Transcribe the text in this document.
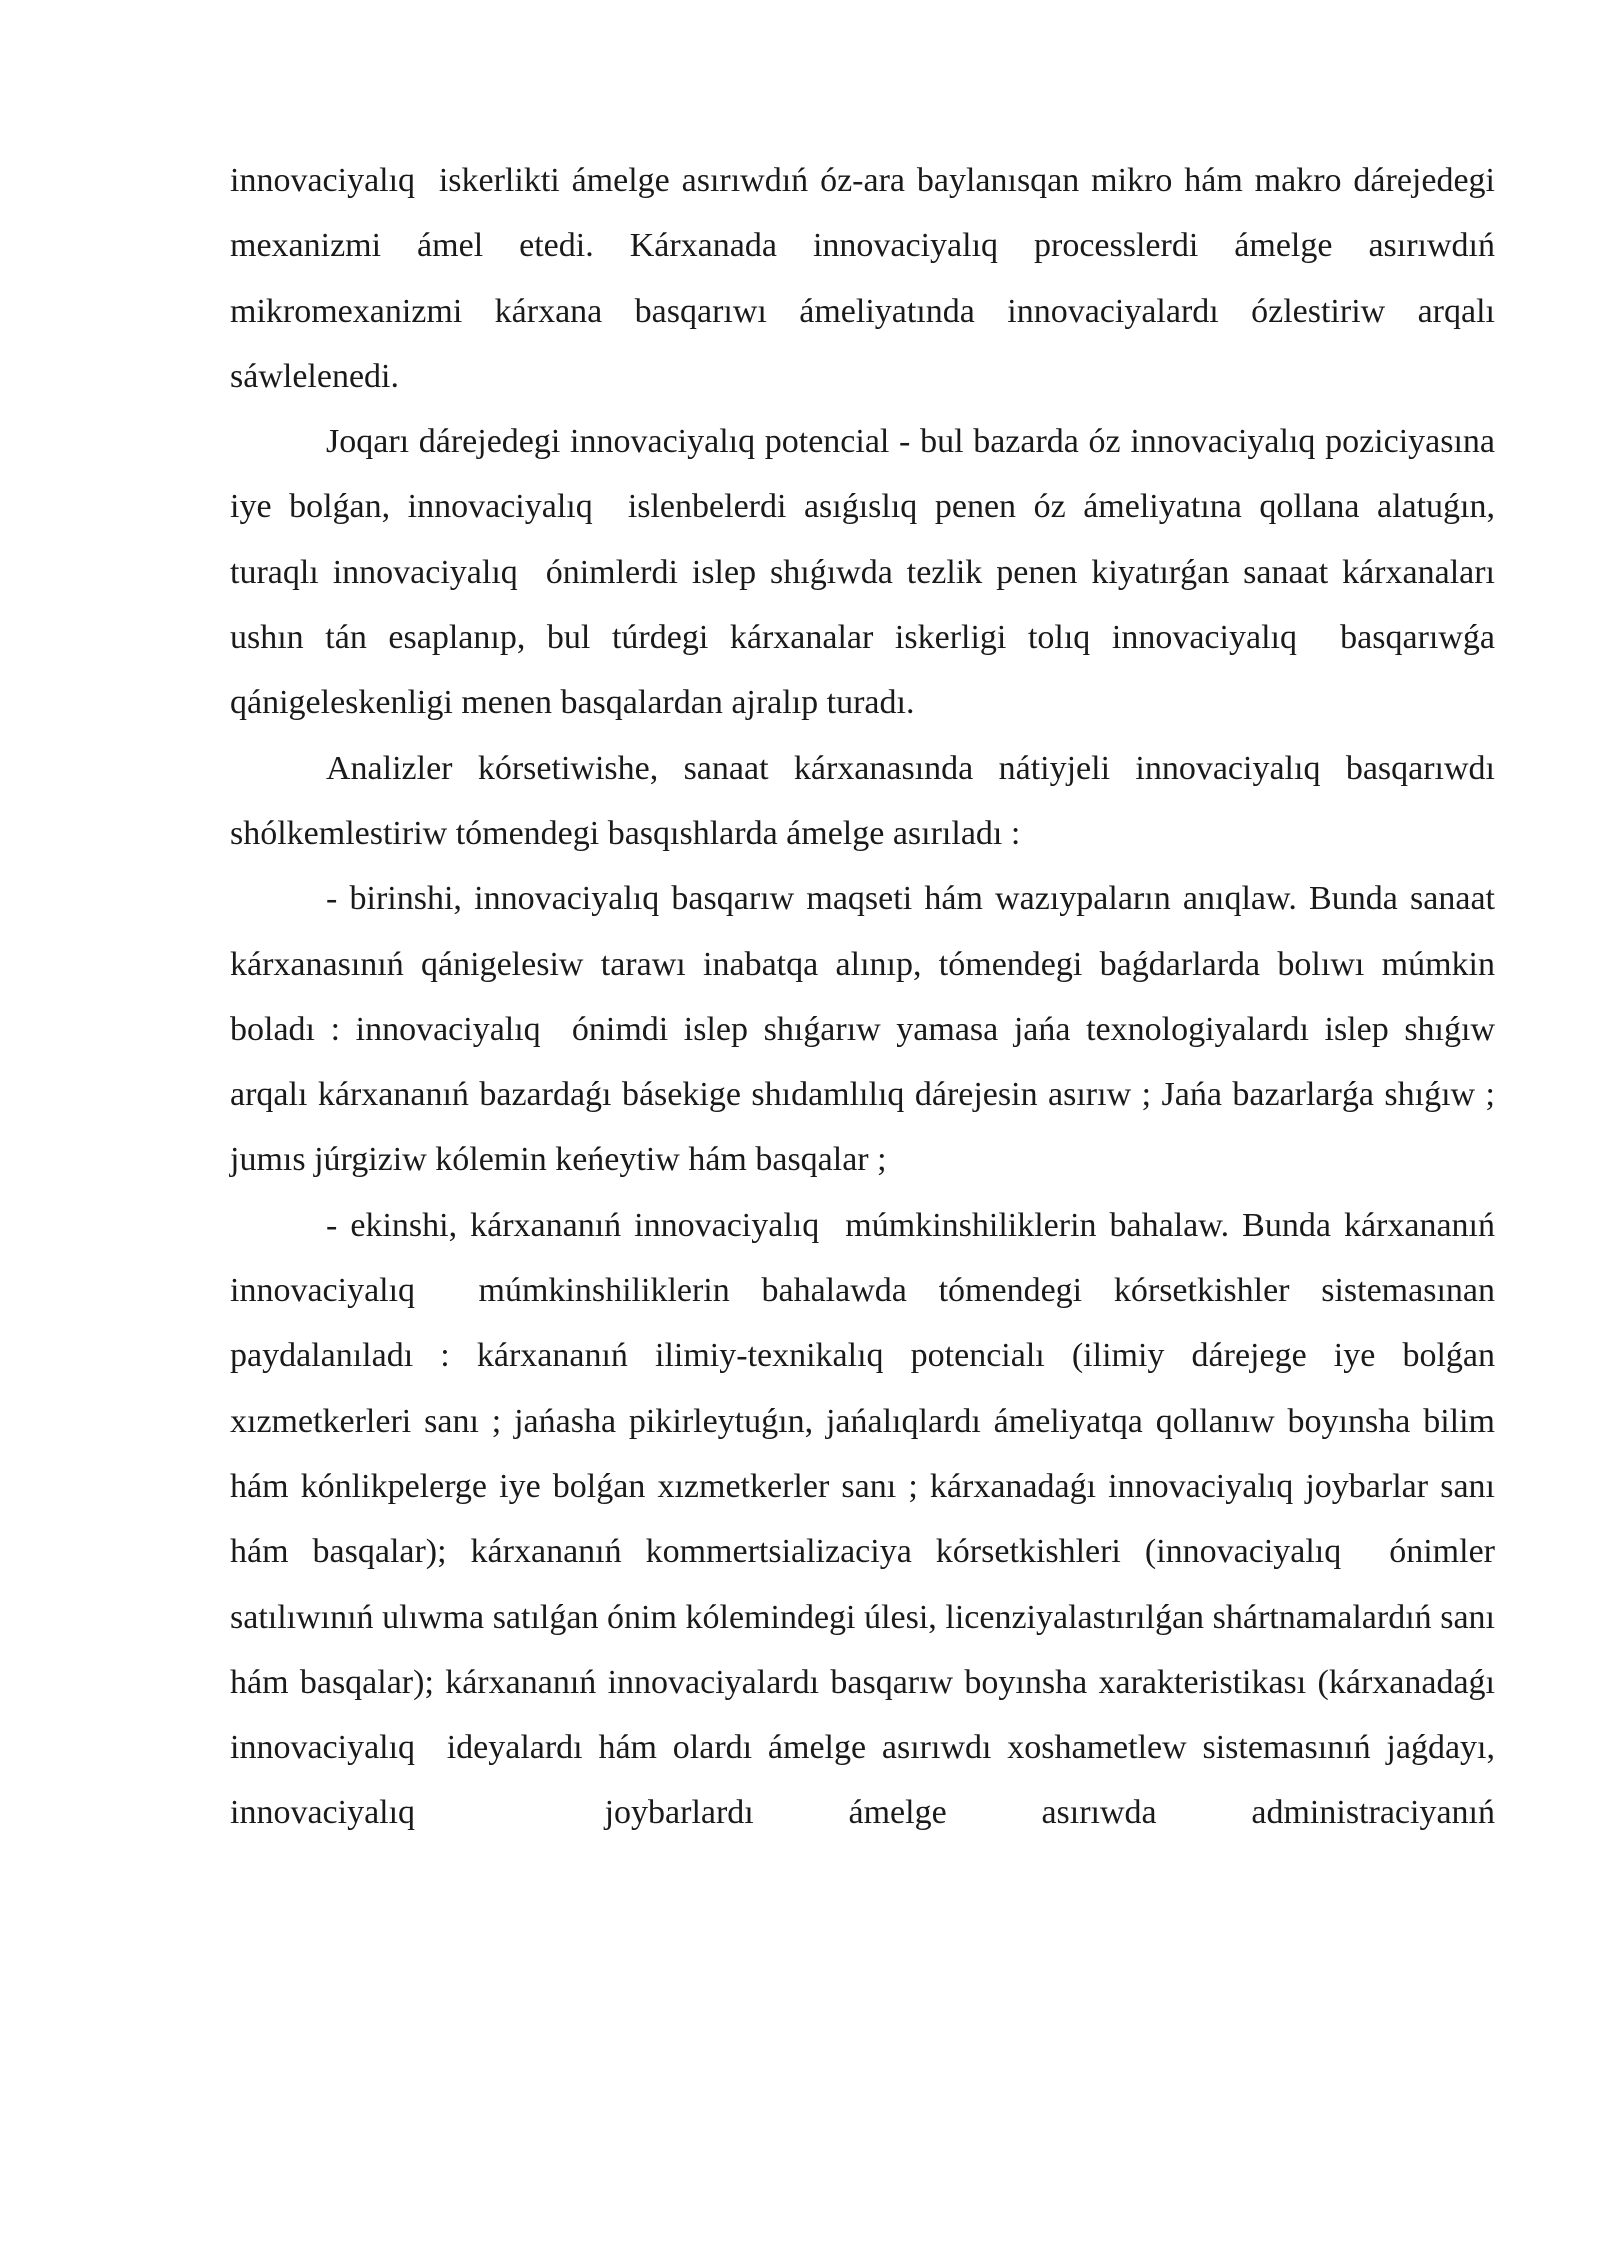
innovaciyalıq  iskerlikti ámelge asırıwdıń óz-ara baylanısqan mikro hám makro dárejedegi mexanizmi ámel etedi. Kárxanada innovaciyalıq processlerdi ámelge asırıwdıń mikromexanizmi kárxana basqarıwı ámeliyatında innovaciyalardı ózlestiriw arqalı sáwlelenedi.

Joqarı dárejedegi innovaciyalıq potencial - bul bazarda óz innovaciyalıq poziciyasına iye bolǵan, innovaciyalıq  islenbelerdi asıǵıslıq penen óz ámeliyatına qollana alatuǵın, turaqlı innovaciyalıq  ónimlerdi islep shıǵıwda tezlik penen kiyatırǵan sanaat kárxanaları ushın tán esaplanıp, bul túrdegi kárxanalar iskerligi tolıq innovaciyalıq  basqarıwǵa qánigeleskenligi menen basqalardan ajralıp turadı.

Analizler kórsetiwishe, sanaat kárxanasında nátiyjeli innovaciyalıq basqarıwdı shólkemlestiriw tómendegi basqıshlarda ámelge asırıladı :

- birinshi, innovaciyalıq basqarıw maqseti hám wazıypaların anıqlaw. Bunda sanaat kárxanasınıń qánigelesiw tarawı inabatqa alınıp, tómendegi baǵdarlarda bolıwı múmkin boladı : innovaciyalıq  ónimdi islep shıǵarıw yamasa jańa texnologiyalardı islep shıǵıw arqalı kárxananıń bazardaǵı básekige shıdamlılıq dárejesin asırıw ; Jańa bazarlarǵa shıǵıw ; jumıs júrgiziw kólemin keńeytiw hám basqalar ;

- ekinshi, kárxananıń innovaciyalıq  múmkinshiliklerin bahalaw. Bunda kárxananıń innovaciyalıq  múmkinshiliklerin bahalawda tómendegi kórsetkishler sistemasınan paydalanıladı : kárxananıń ilimiy-texnikalıq potencialı (ilimiy dárejege iye bolǵan xızmetkerleri sanı ; jańasha pikirleytuǵın, jańalıqlardı ámeliyatqa qollanıw boyınsha bilim hám kónlikpelerge iye bolǵan xızmetkerler sanı ; kárxanadaǵı innovaciyalıq joybarlar sanı hám basqalar); kárxananıń kommertsializaciya kórsetkishleri (innovaciyalıq  ónimler satılıwınıń ulıwma satılǵan ónim kólemindegi úlesi, licenziyalastırılǵan shártnamalardıń sanı hám basqalar); kárxananıń innovaciyalardı basqarıw boyınsha xarakteristikası (kárxanadaǵı innovaciyalıq  ideyalardı hám olardı ámelge asırıwdı xoshametlew sistemasınıń jaǵdayı, innovaciyalıq  joybarlardı ámelge asırıwda administraciyanıń
